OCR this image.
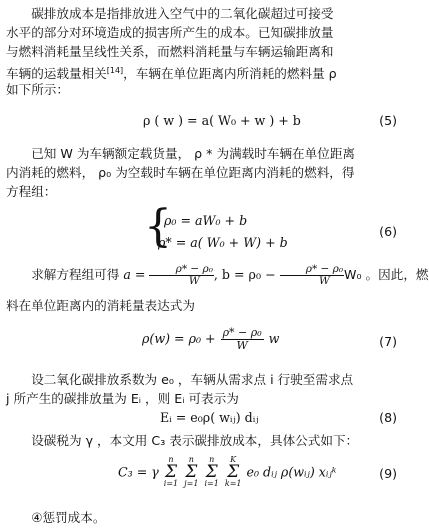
碳排放成本是指排放进入空气中的二氧化碳超过可接受

水平的部分对环境造成的损害所产生的成本。已知碳排放量

与燃料消耗量呈线性关系，而燃料消耗量与车辆运输距离和

车辆的运载量相关[14]，车辆在单位距离内所消耗的燃料量 ρ

如下所示：

ρ ( w ) = a( W₀ + w ) + b	(5)

已知 W 为车辆额定载货量， ρ * 为满载时车辆在单位距离

内消耗的燃料， ρ₀ 为空载时车辆在单位距离内消耗的燃料，得

方程组：

{
ρ₀ = aW₀ + b
ρ* = a( W₀ + W) + b
(6)
求解方程组可得 $a = \frac{\text{ρ* − ρ₀}}{W}$ , $b = \rho_0 - \frac{\text{ρ* − ρ₀}}{W} W_0$ 。因此，燃

料在单位距离内的消耗量表达式为

$\rho(w) = \rho_0 + \frac{\text{ρ* − ρ₀}}{W}$ w	(7)

设二氧化碳排放系数为 e₀ ，车辆从需求点 i 行驶至需求点

j 所产生的碳排放量为 Eᵢ ，则 Eᵢ 可表示为

Eᵢ = e₀ρ( wᵢⱼ) dᵢⱼ	(8)

设碳税为 γ ，本文用 C₃ 表示碳排放成本，具体公式如下：

C₃ = γ
n
Σ
i=1

n
Σ
j=1

n
Σ
i=1

K
Σ
k=1
e₀ dᵢⱼ ρ(wᵢⱼ) xᵢⱼᵏ	(9)

④惩罚成本。
